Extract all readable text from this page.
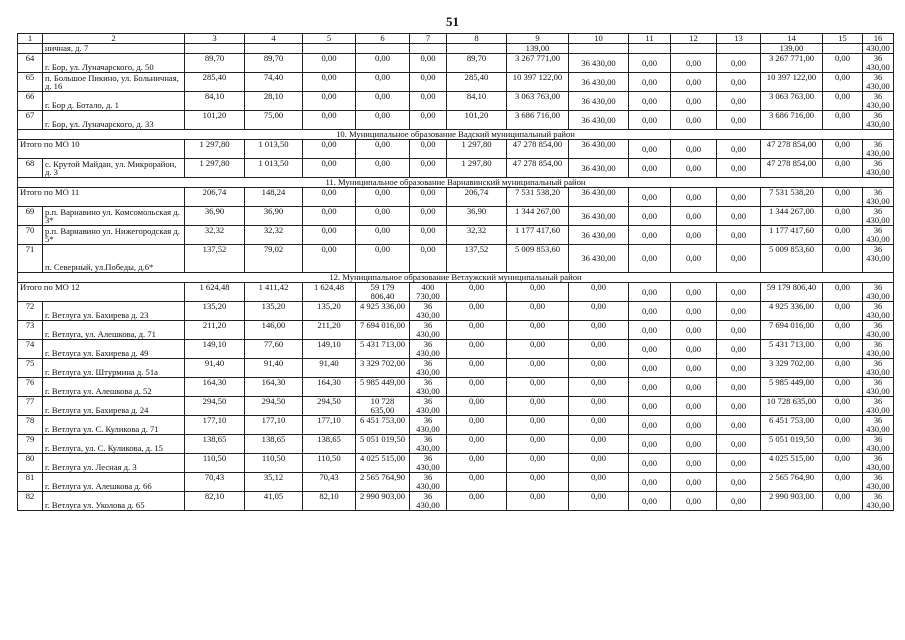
51
1	2	3	4	5	6	7	8	9	10	11	12	13	14	15	16
	ничная, д. 7							139,00					139,00		430,00
64	г. Бор, ул. Луначарского, д. 50	89,70	89,70	0,00	0,00	0,00	89,70	3 267 771,00	36 430,00	0,00	0,00	0,00	3 267 771,00	0,00	36 430,00
65	п. Большое Пикино, ул. Больничная, д. 16	285,40	74,40	0,00	0,00	0,00	285,40	10 397 122,00	36 430,00	0,00	0,00	0,00	10 397 122,00	0,00	36 430,00
66	г. Бор д. Ботало, д. 1	84,10	28,10	0,00	0,00	0,00	84,10	3 063 763,00	36 430,00	0,00	0,00	0,00	3 063 763,00	0,00	36 430,00
67	г. Бор, ул. Луначарского, д. 33	101,20	75,00	0,00	0,00	0,00	101,20	3 686 716,00	36 430,00	0,00	0,00	0,00	3 686 716,00	0,00	36 430,00
10. Муниципальное образование Вадский муниципальный район															
Итого по МО 10		1 297,80	1 013,50	0,00	0,00	0,00	1 297,80	47 278 854,00	36 430,00	0,00	0,00	0,00	47 278 854,00	0,00	36 430,00
68	с. Крутой Майдан, ул. Микрорайон, д. 3	1 297,80	1 013,50	0,00	0,00	0,00	1 297,80	47 278 854,00	36 430,00	0,00	0,00	0,00	47 278 854,00	0,00	36 430,00
11. Муниципальное образование Варнавинский муниципальный район															
Итого по МО 11		206,74	148,24	0,00	0,00	0,00	206,74	7 531 538,20	36 430,00	0,00	0,00	0,00	7 531 538,20	0,00	36 430,00
69	р.п. Варнавино ул. Комсомольская д. 3*	36,90	36,90	0,00	0,00	0,00	36,90	1 344 267,00	36 430,00	0,00	0,00	0,00	1 344 267,00	0,00	36 430,00
70	р.п. Варнавино ул. Нижегородская д. 5*	32,32	32,32	0,00	0,00	0,00	32,32	1 177 417,60	36 430,00	0,00	0,00	0,00	1 177 417,60	0,00	36 430,00
71	п. Северный, ул.Победы, д.6*	137,52	79,02	0,00	0,00	0,00	137,52	5 009 853,60	36 430,00	0,00	0,00	0,00	5 009 853,60	0,00	36 430,00
12. Муниципальное образование Ветлужский муниципальный район															
Итого по МО 12		1 624,48	1 411,42	1 624,48	59 179 806,40	400 730,00	0,00	0,00	0,00	0,00	0,00	0,00	59 179 806,40	0,00	36 430,00
72	г. Ветлуга ул. Бахирева д. 23	135,20	135,20	135,20	4 925 336,00	36 430,00	0,00	0,00	0,00	0,00	0,00	0,00	4 925 336,00	0,00	36 430,00
73	г. Ветлуга, ул. Алешкова, д. 71	211,20	146,00	211,20	7 694 016,00	36 430,00	0,00	0,00	0,00	0,00	0,00	0,00	7 694 016,00	0,00	36 430,00
74	г. Ветлуга ул. Бахирева д. 49	149,10	77,60	149,10	5 431 713,00	36 430,00	0,00	0,00	0,00	0,00	0,00	0,00	5 431 713,00	0,00	36 430,00
75	г. Ветлуга ул. Штурмина д. 51а	91,40	91,40	91,40	3 329 702,00	36 430,00	0,00	0,00	0,00	0,00	0,00	0,00	3 329 702,00	0,00	36 430,00
76	г. Ветлуга ул. Алешкова д. 52	164,30	164,30	164,30	5 985 449,00	36 430,00	0,00	0,00	0,00	0,00	0,00	0,00	5 985 449,00	0,00	36 430,00
77	г. Ветлуга ул. Бахирева д. 24	294,50	294,50	294,50	10 728 635,00	36 430,00	0,00	0,00	0,00	0,00	0,00	0,00	10 728 635,00	0,00	36 430,00
78	г. Ветлуга ул. С. Куликова д. 71	177,10	177,10	177,10	6 451 753,00	36 430,00	0,00	0,00	0,00	0,00	0,00	0,00	6 451 753,00	0,00	36 430,00
79	г. Ветлуга, ул. С. Куликова, д. 15	138,65	138,65	138,65	5 051 019,50	36 430,00	0,00	0,00	0,00	0,00	0,00	0,00	5 051 019,50	0,00	36 430,00
80	г. Ветлуга ул. Лесная д. 3	110,50	110,50	110,50	4 025 515,00	36 430,00	0,00	0,00	0,00	0,00	0,00	0,00	4 025 515,00	0,00	36 430,00
81	г. Ветлуга ул. Алешкова д. 66	70,43	35,12	70,43	2 565 764,90	36 430,00	0,00	0,00	0,00	0,00	0,00	0,00	2 565 764,90	0,00	36 430,00
82	г. Ветлуга ул. Уколова д. 65	82,10	41,05	82,10	2 990 903,00	36 430,00	0,00	0,00	0,00	0,00	0,00	0,00	2 990 903,00	0,00	36 430,00
